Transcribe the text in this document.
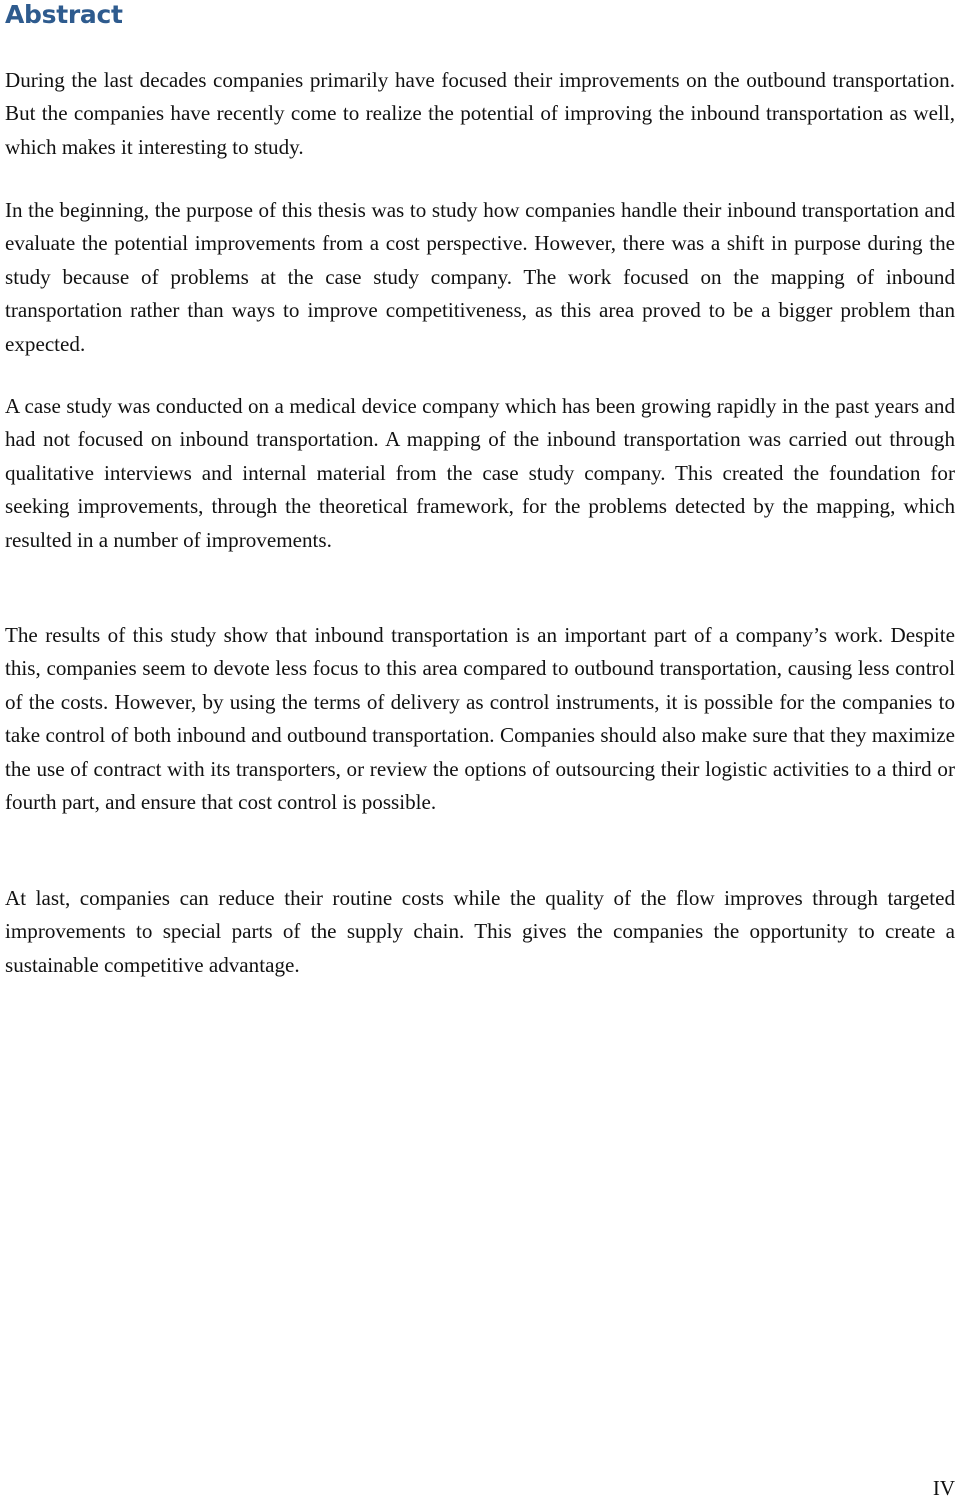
Abstract

During the last decades companies primarily have focused their improvements on the outbound transportation. But the companies have recently come to realize the potential of improving the inbound transportation as well, which makes it interesting to study.

In the beginning, the purpose of this thesis was to study how companies handle their inbound transportation and evaluate the potential improvements from a cost perspective. However, there was a shift in purpose during the study because of problems at the case study company. The work focused on the mapping of inbound transportation rather than ways to improve competitiveness, as this area proved to be a bigger problem than expected.

A case study was conducted on a medical device company which has been growing rapidly in the past years and had not focused on inbound transportation. A mapping of the inbound transportation was carried out through qualitative interviews and internal material from the case study company. This created the foundation for seeking improvements, through the theoretical framework, for the problems detected by the mapping, which resulted in a number of improvements.

The results of this study show that inbound transportation is an important part of a company’s work. Despite this, companies seem to devote less focus to this area compared to outbound transportation, causing less control of the costs. However, by using the terms of delivery as control instruments, it is possible for the companies to take control of both inbound and outbound transportation. Companies should also make sure that they maximize the use of contract with its transporters, or review the options of outsourcing their logistic activities to a third or fourth part, and ensure that cost control is possible.

At last, companies can reduce their routine costs while the quality of the flow improves through targeted improvements to special parts of the supply chain. This gives the companies the opportunity to create a sustainable competitive advantage.

IV
